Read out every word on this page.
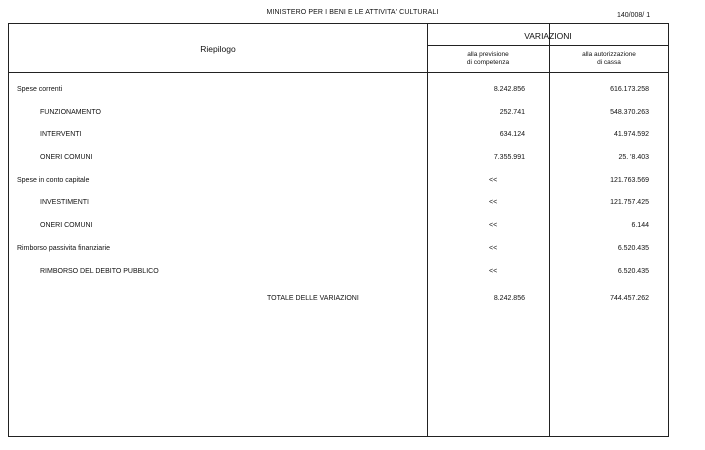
MINISTERO PER I BENI E LE ATTIVITA' CULTURALI	140/008/ 1
Riepilogo
VARIAZIONI
alla previsione
di competenza
alla autorizzazione
di cassa
Spese correnti	8.242.856	616.173.258
FUNZIONAMENTO	252.741	548.370.263
INTERVENTI	634.124	41.974.592
ONERI COMUNI	7.355.991	25. '8.403
Spese in conto capitale	<<	121.763.569
INVESTIMENTI	<<	121.757.425
ONERI COMUNI	<<	6.144
Rimborso passivita finanziarie	<<	6.520.435
RIMBORSO DEL DEBITO PUBBLICO	<<	6.520.435
TOTALE DELLE VARIAZIONI	8.242.856	744.457.262
